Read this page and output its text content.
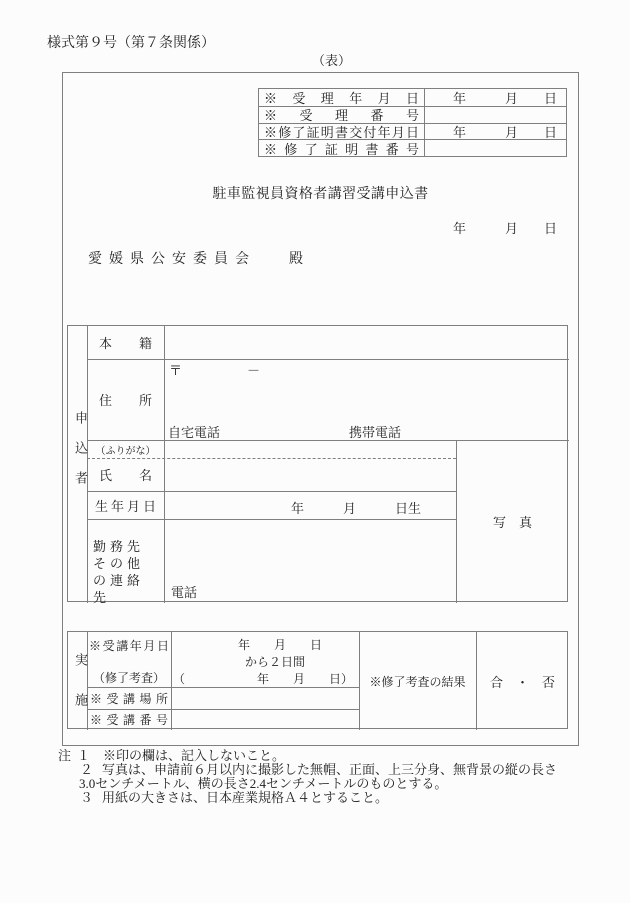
様式第９号（第７条関係）
（表）
※受理年月日	年　　　月　　日
※受理番号
※修了証明書交付年月日	年　　　月　　日
※修了証明書番号
駐車監視員資格者講習受講申込書
年　　　月　　日
愛媛県公安委員会 殿
申込者
本籍
住所
〒　　　　　－
自宅電話	携帯電話
（ふりがな）
氏名
生年月日	年　　　月　　　日生
勤務先その他の連絡先	電話
写　真
実施
※受講年月日
（修了考査）
年　　月　　日
から２日間
（　　　　　　年　　月　　日）
※受講場所
※受講番号
※修了考査の結果 合　・　否
注１ ※印の欄は、記入しないこと。
２ 写真は、申請前６月以内に撮影した無帽、正面、上三分身、無背景の縦の長さ
3.0センチメートル、横の長さ2.4センチメートルのものとする。
３ 用紙の大きさは、日本産業規格Ａ４とすること。
